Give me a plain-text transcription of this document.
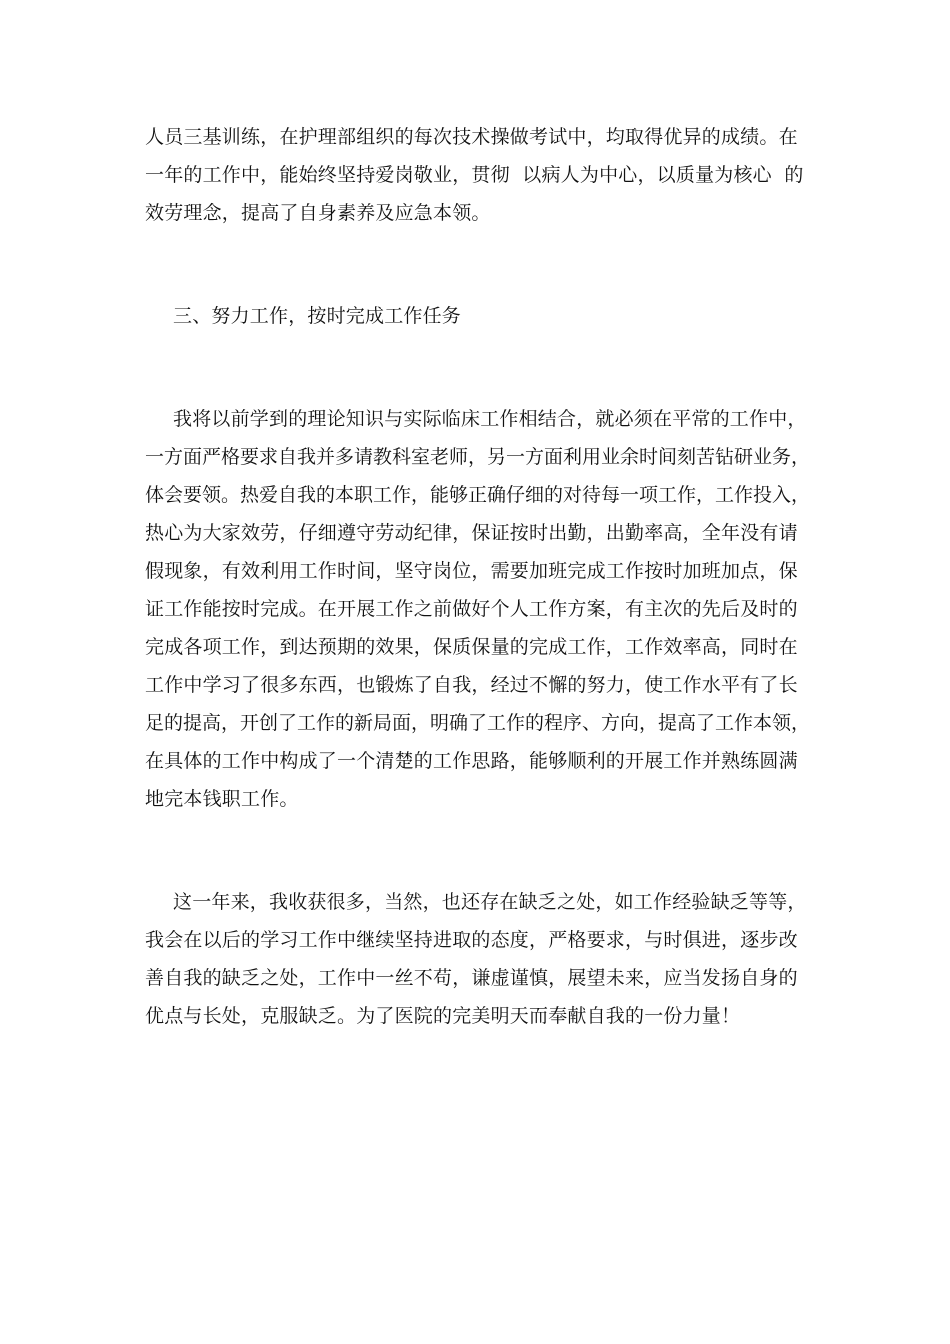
人员三基训练，在护理部组织的每次技术操做考试中，均取得优异的成绩。在
一年的工作中，能始终坚持爱岗敬业，贯彻  以病人为中心，以质量为核心  的
效劳理念，提高了自身素养及应急本领。
三、努力工作，按时完成工作任务
我将以前学到的理论知识与实际临床工作相结合，就必须在平常的工作中，
一方面严格要求自我并多请教科室老师，另一方面利用业余时间刻苦钻研业务，
体会要领。热爱自我的本职工作，能够正确仔细的对待每一项工作，工作投入，
热心为大家效劳，仔细遵守劳动纪律，保证按时出勤，出勤率高，全年没有请
假现象，有效利用工作时间，坚守岗位，需要加班完成工作按时加班加点，保
证工作能按时完成。在开展工作之前做好个人工作方案，有主次的先后及时的
完成各项工作，到达预期的效果，保质保量的完成工作，工作效率高，同时在
工作中学习了很多东西，也锻炼了自我，经过不懈的努力，使工作水平有了长
足的提高，开创了工作的新局面，明确了工作的程序、方向，提高了工作本领，
在具体的工作中构成了一个清楚的工作思路，能够顺利的开展工作并熟练圆满
地完本钱职工作。
这一年来，我收获很多，当然，也还存在缺乏之处，如工作经验缺乏等等，
我会在以后的学习工作中继续坚持进取的态度，严格要求，与时俱进，逐步改
善自我的缺乏之处，工作中一丝不苟，谦虚谨慎，展望未来，应当发扬自身的
优点与长处，克服缺乏。为了医院的完美明天而奉献自我的一份力量！
